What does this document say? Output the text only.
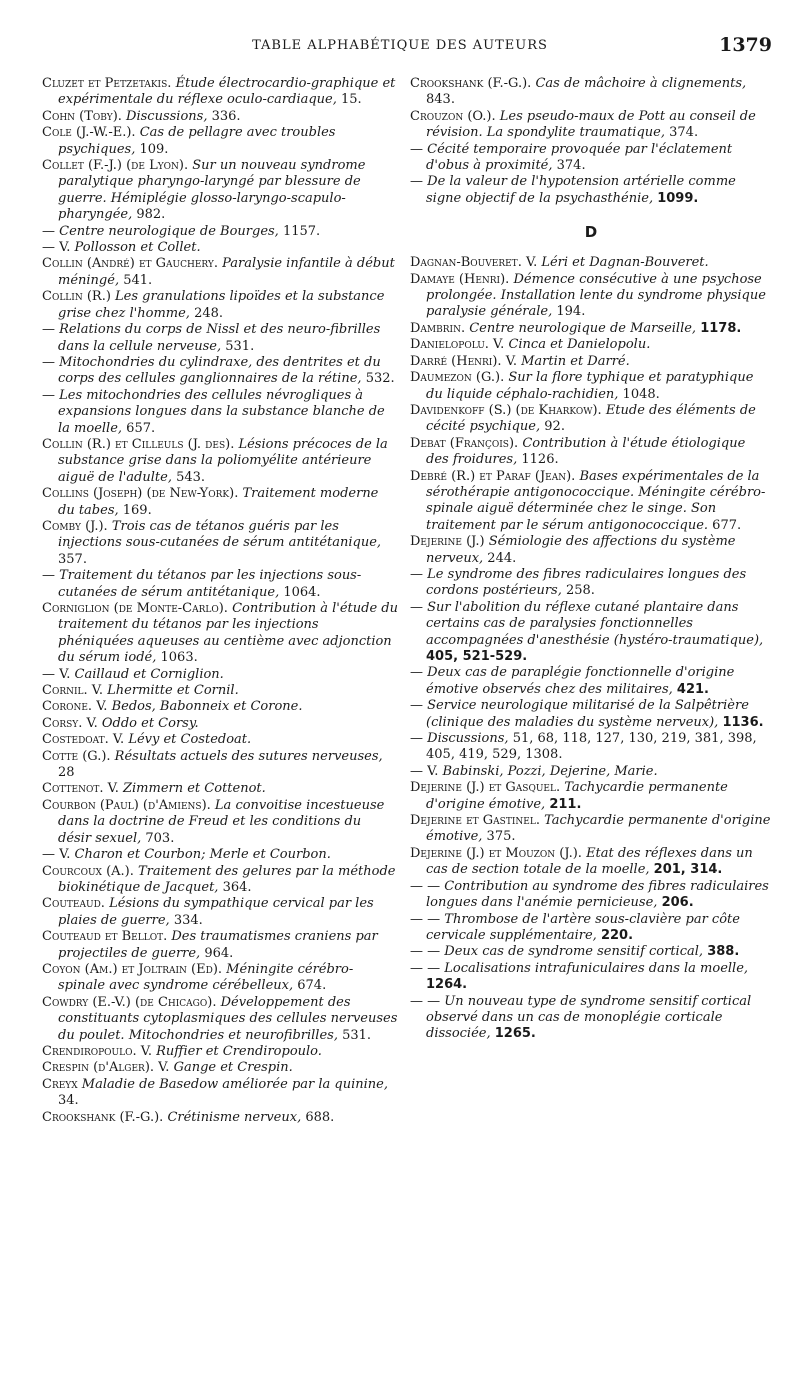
TABLE ALPHABÉTIQUE DES AUTEURS	1379

Cluzet et Petzetakis. Étude électrocardio-graphique et expérimentale du réflexe oculo-cardiaque, 15.

Cohn (Toby). Discussions, 336.

Cole (J.-W.-E.). Cas de pellagre avec troubles psychiques, 109.

Collet (F.-J.) (de Lyon). Sur un nouveau syndrome paralytique pharyngo-laryngé par blessure de guerre. Hémiplégie glosso-laryngo-scapulo-pharyngée, 982.

— Centre neurologique de Bourges, 1157.

— V. Pollosson et Collet.

Collin (André) et Gauchery. Paralysie infantile à début méningé, 541.

Collin (R.) Les granulations lipoïdes et la substance grise chez l'homme, 248.

— Relations du corps de Nissl et des neuro-fibrilles dans la cellule nerveuse, 531.

— Mitochondries du cylindraxe, des dentrites et du corps des cellules ganglionnaires de la rétine, 532.

— Les mitochondries des cellules névrogliques à expansions longues dans la substance blanche de la moelle, 657.

Collin (R.) et Cilleuls (J. des). Lésions précoces de la substance grise dans la poliomyélite antérieure aiguë de l'adulte, 543.

Collins (Joseph) (de New-York). Traitement moderne du tabes, 169.

Comby (J.). Trois cas de tétanos guéris par les injections sous-cutanées de sérum antitétanique, 357.

— Traitement du tétanos par les injections sous-cutanées de sérum antitétanique, 1064.

Corniglion (de Monte-Carlo). Contribution à l'étude du traitement du tétanos par les injections phéniquées aqueuses au centième avec adjonction du sérum iodé, 1063.

— V. Caillaud et Corniglion.

Cornil. V. Lhermitte et Cornil.

Corone. V. Bedos, Babonneix et Corone.

Corsy. V. Oddo et Corsy.

Costedoat. V. Lévy et Costedoat.

Cotte (G.). Résultats actuels des sutures nerveuses, 28

Cottenot. V. Zimmern et Cottenot.

Courbon (Paul) (d'Amiens). La convoitise incestueuse dans la doctrine de Freud et les conditions du désir sexuel, 703.

— V. Charon et Courbon; Merle et Courbon.

Courcoux (A.). Traitement des gelures par la méthode biokinétique de Jacquet, 364.

Couteaud. Lésions du sympathique cervical par les plaies de guerre, 334.

Couteaud et Bellot. Des traumatismes craniens par projectiles de guerre, 964.

Coyon (Am.) et Joltrain (Ed). Méningite cérébro-spinale avec syndrome cérébelleux, 674.

Cowdry (E.-V.) (de Chicago). Développement des constituants cytoplasmiques des cellules nerveuses du poulet. Mitochondries et neurofibrilles, 531.

Crendiropoulo. V. Ruffier et Crendiropoulo.

Crespin (d'Alger). V. Gange et Crespin.

Creyx Maladie de Basedow améliorée par la quinine, 34.

Crookshank (F.-G.). Crétinisme nerveux, 688.

Crookshank (F.-G.). Cas de mâchoire à clignements, 843.

Crouzon (O.). Les pseudo-maux de Pott au conseil de révision. La spondylite traumatique, 374.

— Cécité temporaire provoquée par l'éclatement d'obus à proximité, 374.

— De la valeur de l'hypotension artérielle comme signe objectif de la psychasthénie, 1099.

D

Dagnan-Bouveret. V. Léri et Dagnan-Bouveret.

Damaye (Henri). Démence consécutive à une psychose prolongée. Installation lente du syndrome physique paralysie générale, 194.

Dambrin. Centre neurologique de Marseille, 1178.

Danielopolu. V. Cinca et Danielopolu.

Darré (Henri). V. Martin et Darré.

Daumezon (G.). Sur la flore typhique et paratyphique du liquide céphalo-rachidien, 1048.

Davidenkoff (S.) (de Kharkow). Etude des éléments de cécité psychique, 92.

Debat (François). Contribution à l'étude étiologique des froidures, 1126.

Debré (R.) et Paraf (Jean). Bases expérimentales de la sérothérapie antigonococcique. Méningite cérébro-spinale aiguë déterminée chez le singe. Son traitement par le sérum antigonococcique. 677.

Dejerine (J.) Sémiologie des affections du système nerveux, 244.

— Le syndrome des fibres radiculaires longues des cordons postérieurs, 258.

— Sur l'abolition du réflexe cutané plantaire dans certains cas de paralysies fonctionnelles accompagnées d'anesthésie (hystéro-traumatique), 405, 521-529.

— Deux cas de paraplégie fonctionnelle d'origine émotive observés chez des militaires, 421.

— Service neurologique militarisé de la Salpêtrière (clinique des maladies du système nerveux), 1136.

— Discussions, 51, 68, 118, 127, 130, 219, 381, 398, 405, 419, 529, 1308.

— V. Babinski, Pozzi, Dejerine, Marie.

Dejerine (J.) et Gasquel. Tachycardie permanente d'origine émotive, 211.

Dejerine et Gastinel. Tachycardie permanente d'origine émotive, 375.

Dejerine (J.) et Mouzon (J.). Etat des réflexes dans un cas de section totale de la moelle, 201, 314.

— — Contribution au syndrome des fibres radiculaires longues dans l'anémie pernicieuse, 206.

— — Thrombose de l'artère sous-clavière par côte cervicale supplémentaire, 220.

— — Deux cas de syndrome sensitif cortical, 388.

— — Localisations intrafuniculaires dans la moelle, 1264.

— — Un nouveau type de syndrome sensitif cortical observé dans un cas de monoplégie corticale dissociée, 1265.
